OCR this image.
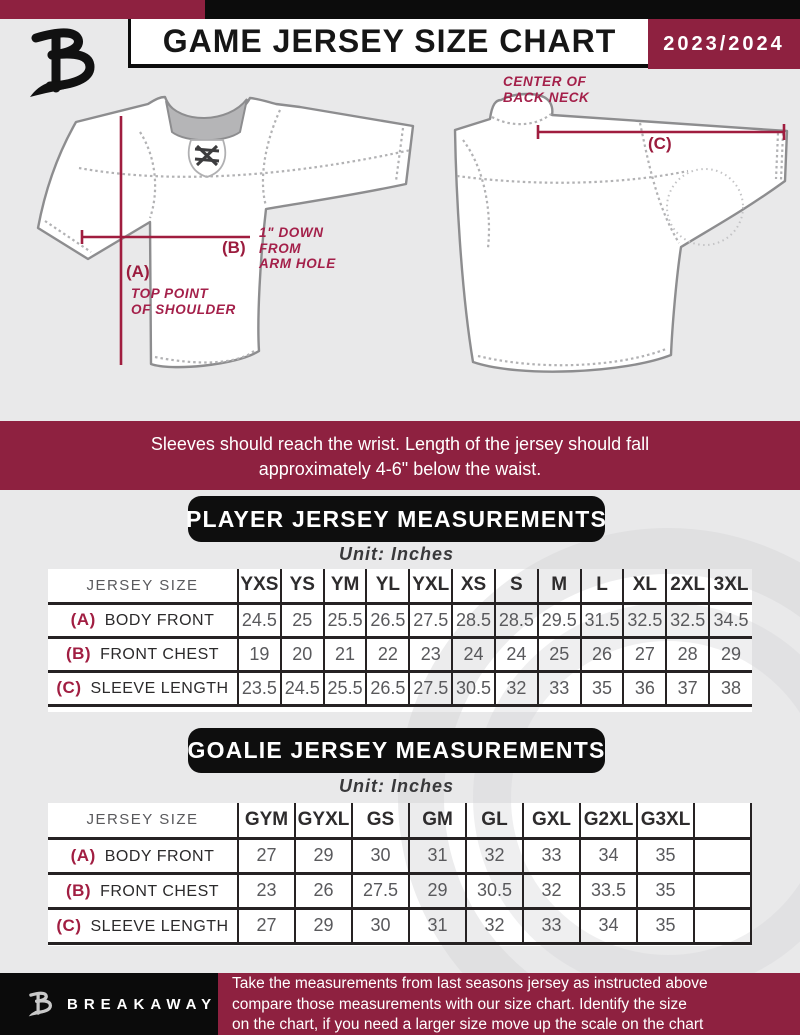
GAME JERSEY SIZE CHART	2023/2024
(A)
TOP POINT
OF SHOULDER
(B)
1" DOWN
FROM
ARM HOLE
(C)
CENTER OF
BACK NECK
Sleeves should reach the wrist. Length of the jersey should fall
approximately 4-6" below the waist.
PLAYER JERSEY MEASUREMENTS
Unit: Inches
JERSEY SIZE	YXS	YS	YM	YL	YXL	XS	S	M	L	XL	2XL	3XL
(A) BODY FRONT	24.5	25	25.5	26.5	27.5	28.5	28.5	29.5	31.5	32.5	32.5	34.5
(B) FRONT CHEST	19	20	21	22	23	24	24	25	26	27	28	29
(C) SLEEVE LENGTH	23.5	24.5	25.5	26.5	27.5	30.5	32	33	35	36	37	38
GOALIE JERSEY MEASUREMENTS
Unit: Inches
JERSEY SIZE	GYM	GYXL	GS	GM	GL	GXL	G2XL	G3XL	
(A) BODY FRONT	27	29	30	31	32	33	34	35	
(B) FRONT CHEST	23	26	27.5	29	30.5	32	33.5	35	
(C) SLEEVE LENGTH	27	29	30	31	32	33	34	35	
BREAKAWAY
Take the measurements from last seasons jersey as instructed above
compare those measurements with our size chart. Identify the size
on the chart, if you need a larger size move up the scale on the chart
